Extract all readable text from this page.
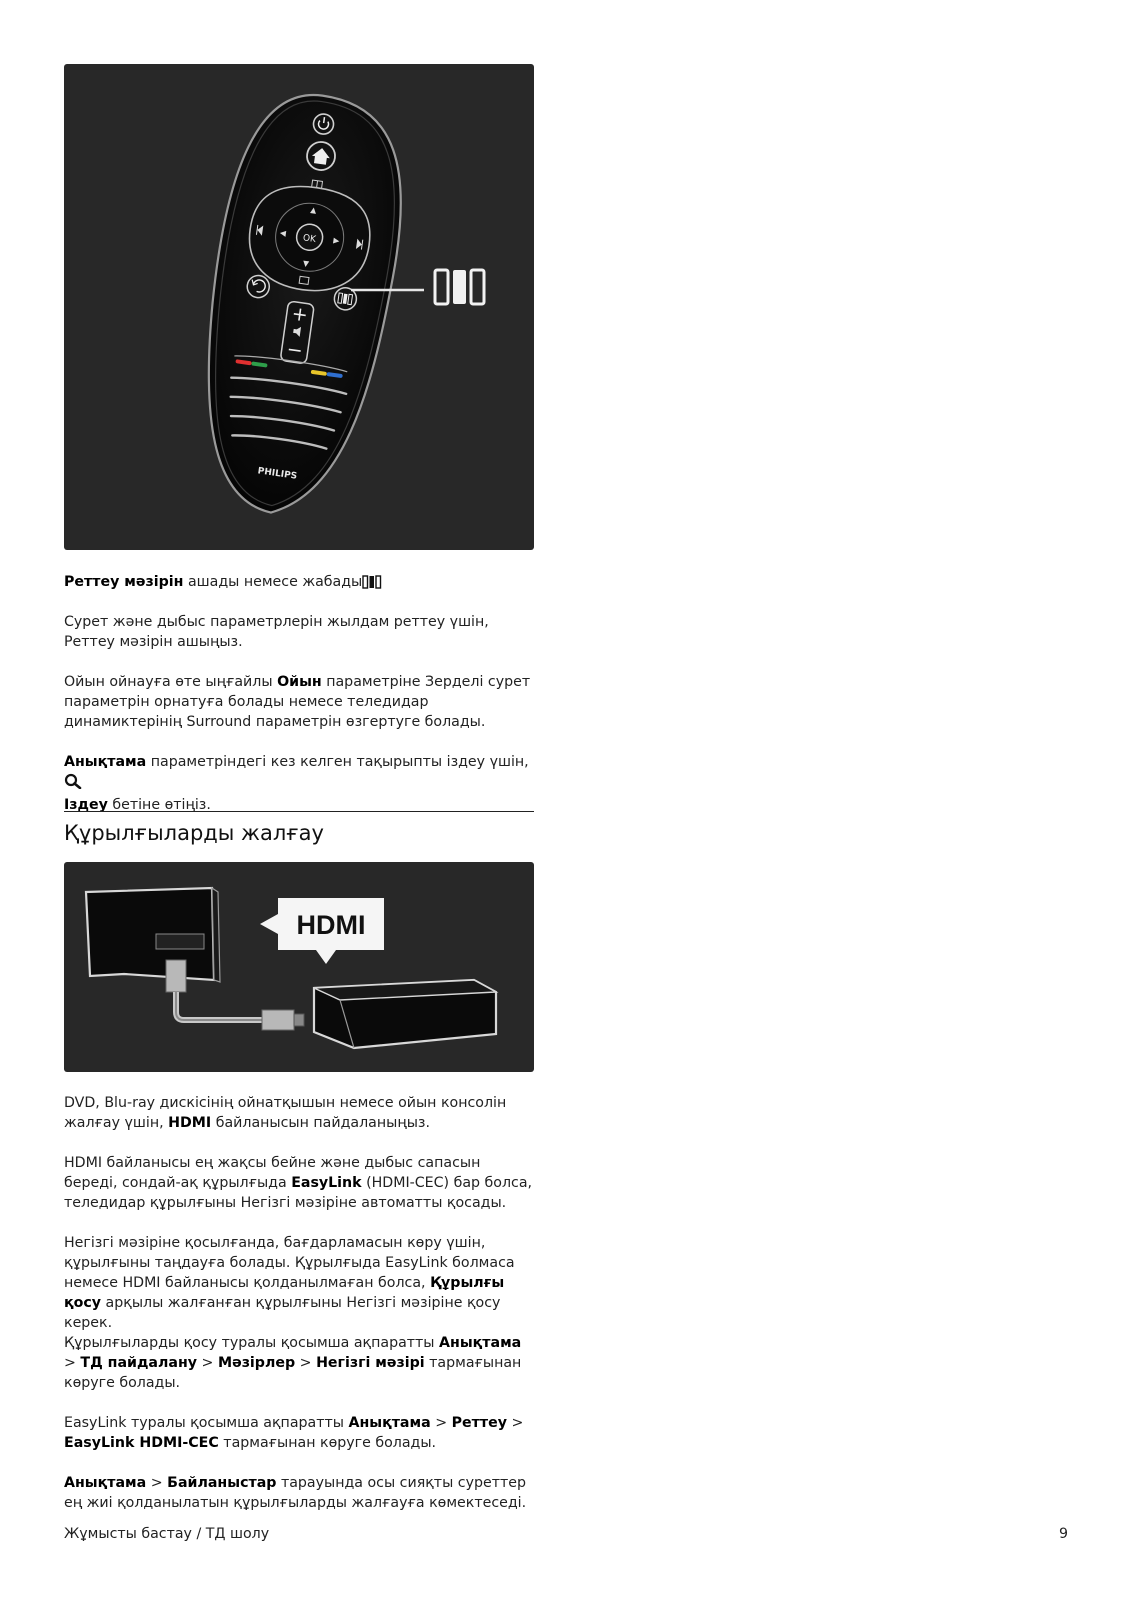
OK
PHILIPS

Реттеу мәзірін ашады немесе жабады

Сурет және дыбыс параметрлерін жылдам реттеу үшін, Реттеу мәзірін ашыңыз.

Ойын ойнауға өте ыңғайлы Ойын параметріне Зерделі сурет параметрін орнатуға болады немесе теледидар динамиктерінің Surround параметрін өзгертуге болады.

Анықтама параметріндегі кез келген тақырыпты іздеу үшін,
Іздеу бетіне өтіңіз.

Құрылғыларды жалғау
HDMI

DVD, Blu-ray дискісінің ойнатқышын немесе ойын консолін жалғау үшін, HDMI байланысын пайдаланыңыз.

HDMI байланысы ең жақсы бейне және дыбыс сапасын береді, сондай-ақ құрылғыда EasyLink (HDMI-CEC) бар болса, теледидар құрылғыны Негізгі мәзіріне автоматты қосады.

Негізгі мәзіріне қосылғанда, бағдарламасын көру үшін, құрылғыны таңдауға болады. Құрылғыда EasyLink болмаса немесе HDMI байланысы қолданылмаған болса, Құрылғы қосу арқылы жалғанған құрылғыны Негізгі мәзіріне қосу керек.

Құрылғыларды қосу туралы қосымша ақпаратты Анықтама > ТД пайдалану > Мәзірлер > Негізгі мәзірі тармағынан көруге болады.

EasyLink туралы қосымша ақпаратты Анықтама > Реттеу > EasyLink HDMI-CEC тармағынан көруге болады.

Анықтама > Байланыстар тарауында осы сияқты суреттер ең жиі қолданылатын құрылғыларды жалғауға көмектеседі.

Жұмысты бастау / ТД шолу	9
